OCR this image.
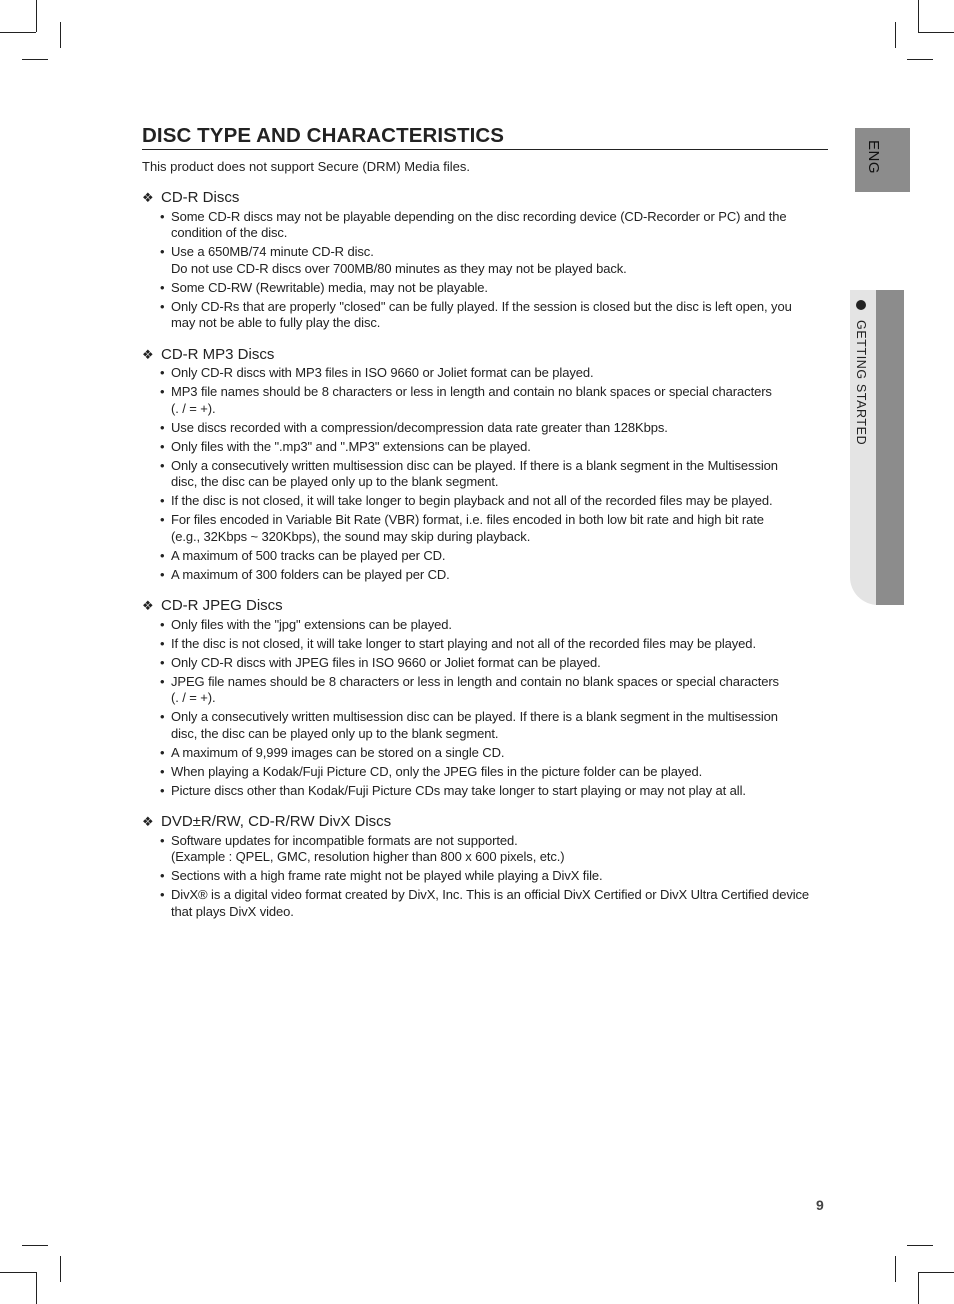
ENG
GETTING STARTED
DISC TYPE AND CHARACTERISTICS

This product does not support Secure (DRM) Media files.

❖ CD-R Discs
• Some CD-R discs may not be playable depending on the disc recording device (CD-Recorder or PC) and the
condition of the disc.
• Use a 650MB/74 minute CD-R disc.
Do not use CD-R discs over 700MB/80 minutes as they may not be played back.
• Some CD-RW (Rewritable) media, may not be playable.
• Only CD-Rs that are properly "closed" can be fully played. If the session is closed but the disc is left open, you
may not be able to fully play the disc.
❖ CD-R MP3 Discs
• Only CD-R discs with MP3 files in ISO 9660 or Joliet format can be played.
• MP3 file names should be 8 characters or less in length and contain no blank spaces or special characters
(. / = +).
• Use discs recorded with a compression/decompression data rate greater than 128Kbps.
• Only files with the ".mp3" and ".MP3" extensions can be played.
• Only a consecutively written multisession disc can be played. If there is a blank segment in the Multisession
disc, the disc can be played only up to the blank segment.
• If the disc is not closed, it will take longer to begin playback and not all of the recorded files may be played.
• For files encoded in Variable Bit Rate (VBR) format, i.e. files encoded in both low bit rate and high bit rate
(e.g., 32Kbps ~ 320Kbps), the sound may skip during playback.
• A maximum of 500 tracks can be played per CD.
• A maximum of 300 folders can be played per CD.
❖ CD-R JPEG Discs
• Only files with the "jpg" extensions can be played.
• If the disc is not closed, it will take longer to start playing and not all of the recorded files may be played.
• Only CD-R discs with JPEG files in ISO 9660 or Joliet format can be played.
• JPEG file names should be 8 characters or less in length and contain no blank spaces or special characters
(. / = +).
• Only a consecutively written multisession disc can be played. If there is a blank segment in the multisession
disc, the disc can be played only up to the blank segment.
• A maximum of 9,999 images can be stored on a single CD.
• When playing a Kodak/Fuji Picture CD, only the JPEG files in the picture folder can be played.
• Picture discs other than Kodak/Fuji Picture CDs may take longer to start playing or may not play at all.
❖ DVD±R/RW, CD-R/RW DivX Discs
• Software updates for incompatible formats are not supported.
(Example : QPEL, GMC, resolution higher than 800 x 600 pixels, etc.)
• Sections with a high frame rate might not be played while playing a DivX file.
• DivX® is a digital video format created by DivX, Inc. This is an official DivX Certified or DivX Ultra Certified device
that plays DivX video.
9
